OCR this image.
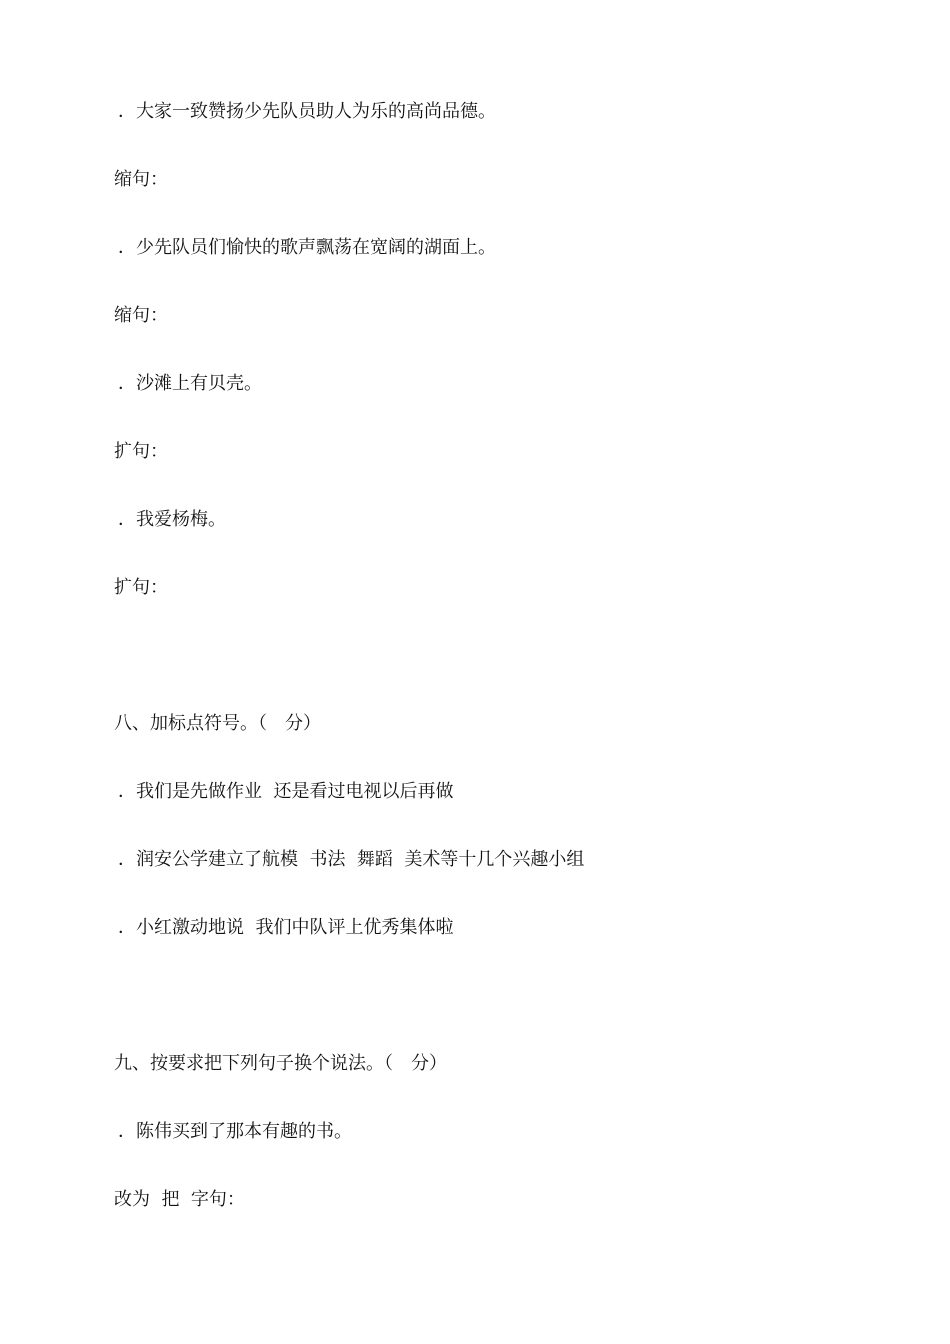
．大家一致赞扬少先队员助人为乐的高尚品德。
缩句：
．少先队员们愉快的歌声飘荡在宽阔的湖面上。
缩句：
．沙滩上有贝壳。
扩句：
．我爱杨梅。
扩句：
八、加标点符号。（　分）
．我们是先做作业  还是看过电视以后再做
．润安公学建立了航模  书法  舞蹈  美术等十几个兴趣小组
．小红激动地说  我们中队评上优秀集体啦
九、按要求把下列句子换个说法。（　分）
．陈伟买到了那本有趣的书。
改为  把  字句：
